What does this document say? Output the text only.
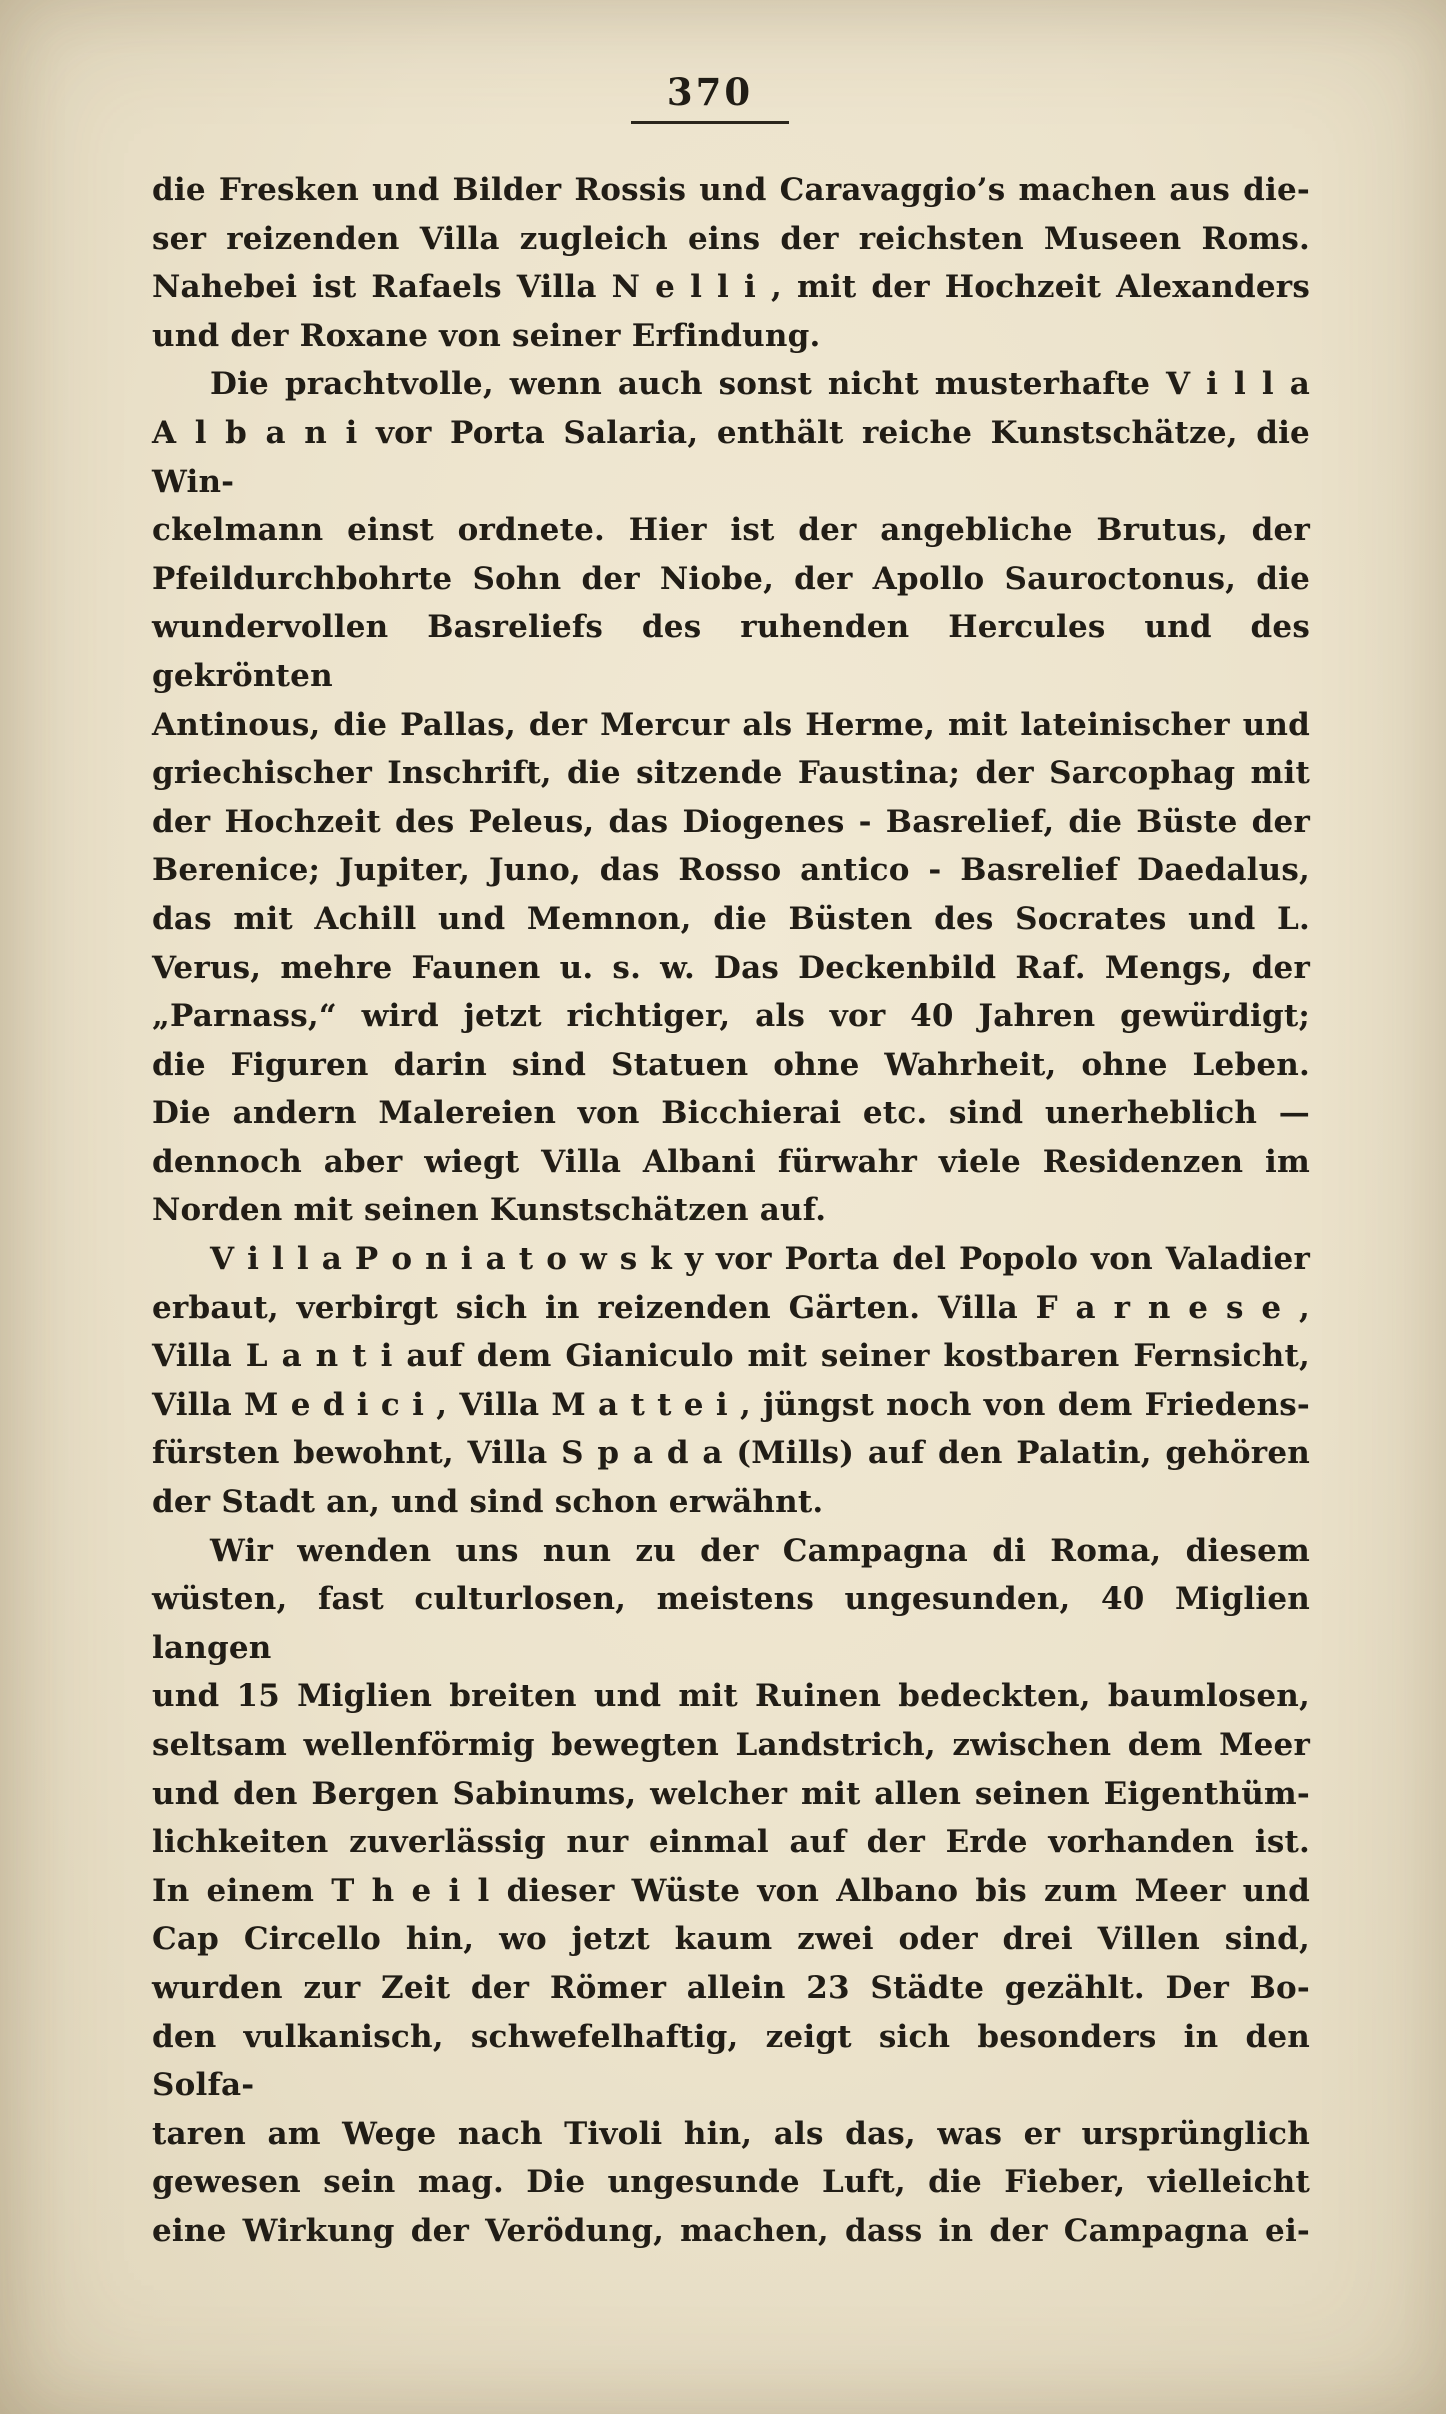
370
die Fresken und Bilder Rossis und Caravaggio’s machen aus die-
ser reizenden Villa zugleich eins der reichsten Museen Roms.
Nahebei ist Rafaels Villa N e l l i , mit der Hochzeit Alexanders
und der Roxane von seiner Erfindung.
Die prachtvolle, wenn auch sonst nicht musterhafte V i l l a
A l b a n i vor Porta Salaria, enthält reiche Kunstschätze, die Win-
ckelmann einst ordnete. Hier ist der angebliche Brutus, der
Pfeildurchbohrte Sohn der Niobe, der Apollo Sauroctonus, die
wundervollen Basreliefs des ruhenden Hercules und des gekrönten
Antinous, die Pallas, der Mercur als Herme, mit lateinischer und
griechischer Inschrift, die sitzende Faustina; der Sarcophag mit
der Hochzeit des Peleus, das Diogenes - Basrelief, die Büste der
Berenice; Jupiter, Juno, das Rosso antico - Basrelief Daedalus,
das mit Achill und Memnon, die Büsten des Socrates und L.
Verus, mehre Faunen u. s. w. Das Deckenbild Raf. Mengs, der
„Parnass,“ wird jetzt richtiger, als vor 40 Jahren gewürdigt;
die Figuren darin sind Statuen ohne Wahrheit, ohne Leben.
Die andern Malereien von Bicchierai etc. sind unerheblich —
dennoch aber wiegt Villa Albani fürwahr viele Residenzen im
Norden mit seinen Kunstschätzen auf.
V i l l a P o n i a t o w s k y vor Porta del Popolo von Valadier
erbaut, verbirgt sich in reizenden Gärten. Villa F a r n e s e ,
Villa L a n t i auf dem Gianiculo mit seiner kostbaren Fernsicht,
Villa M e d i c i , Villa M a t t e i , jüngst noch von dem Friedens-
fürsten bewohnt, Villa S p a d a (Mills) auf den Palatin, gehören
der Stadt an, und sind schon erwähnt.
Wir wenden uns nun zu der Campagna di Roma, diesem
wüsten, fast culturlosen, meistens ungesunden, 40 Miglien langen
und 15 Miglien breiten und mit Ruinen bedeckten, baumlosen,
seltsam wellenförmig bewegten Landstrich, zwischen dem Meer
und den Bergen Sabinums, welcher mit allen seinen Eigenthüm-
lichkeiten zuverlässig nur einmal auf der Erde vorhanden ist.
In einem T h e i l dieser Wüste von Albano bis zum Meer und
Cap Circello hin, wo jetzt kaum zwei oder drei Villen sind,
wurden zur Zeit der Römer allein 23 Städte gezählt. Der Bo-
den vulkanisch, schwefelhaftig, zeigt sich besonders in den Solfa-
taren am Wege nach Tivoli hin, als das, was er ursprünglich
gewesen sein mag. Die ungesunde Luft, die Fieber, vielleicht
eine Wirkung der Verödung, machen, dass in der Campagna ei-
